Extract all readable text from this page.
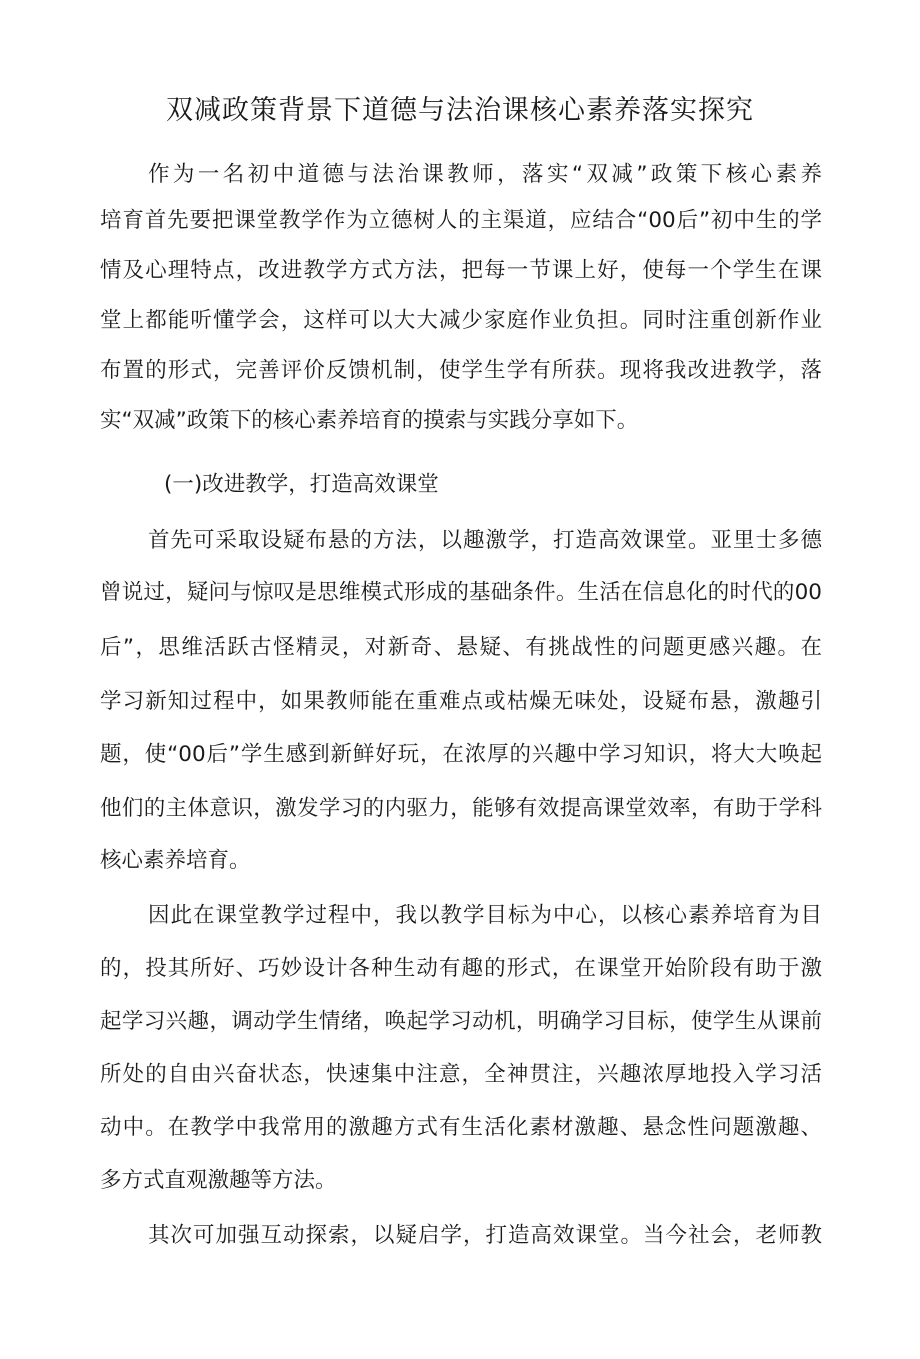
双减政策背景下道德与法治课核心素养落实探究
作为一名初中道德与法治课教师，落实“双减”政策下核心素养
培育首先要把课堂教学作为立德树人的主渠道，应结合“00后”初中生的学
情及心理特点，改进教学方式方法，把每一节课上好，使每一个学生在课
堂上都能听懂学会，这样可以大大减少家庭作业负担。同时注重创新作业
布置的形式，完善评价反馈机制，使学生学有所获。现将我改进教学，落
实“双减”政策下的核心素养培育的摸索与实践分享如下。
(一)改进教学，打造高效课堂
首先可采取设疑布悬的方法，以趣激学，打造高效课堂。亚里士多德
曾说过，疑问与惊叹是思维模式形成的基础条件。生活在信息化的时代的00
后”，思维活跃古怪精灵，对新奇、悬疑、有挑战性的问题更感兴趣。在
学习新知过程中，如果教师能在重难点或枯燥无味处，设疑布悬，激趣引
题，使“00后”学生感到新鲜好玩，在浓厚的兴趣中学习知识，将大大唤起
他们的主体意识，激发学习的内驱力，能够有效提高课堂效率，有助于学科
核心素养培育。
因此在课堂教学过程中，我以教学目标为中心，以核心素养培育为目
的，投其所好、巧妙设计各种生动有趣的形式，在课堂开始阶段有助于激
起学习兴趣，调动学生情绪，唤起学习动机，明确学习目标，使学生从课前
所处的自由兴奋状态，快速集中注意，全神贯注，兴趣浓厚地投入学习活
动中。在教学中我常用的激趣方式有生活化素材激趣、悬念性问题激趣、
多方式直观激趣等方法。
其次可加强互动探索，以疑启学，打造高效课堂。当今社会，老师教
